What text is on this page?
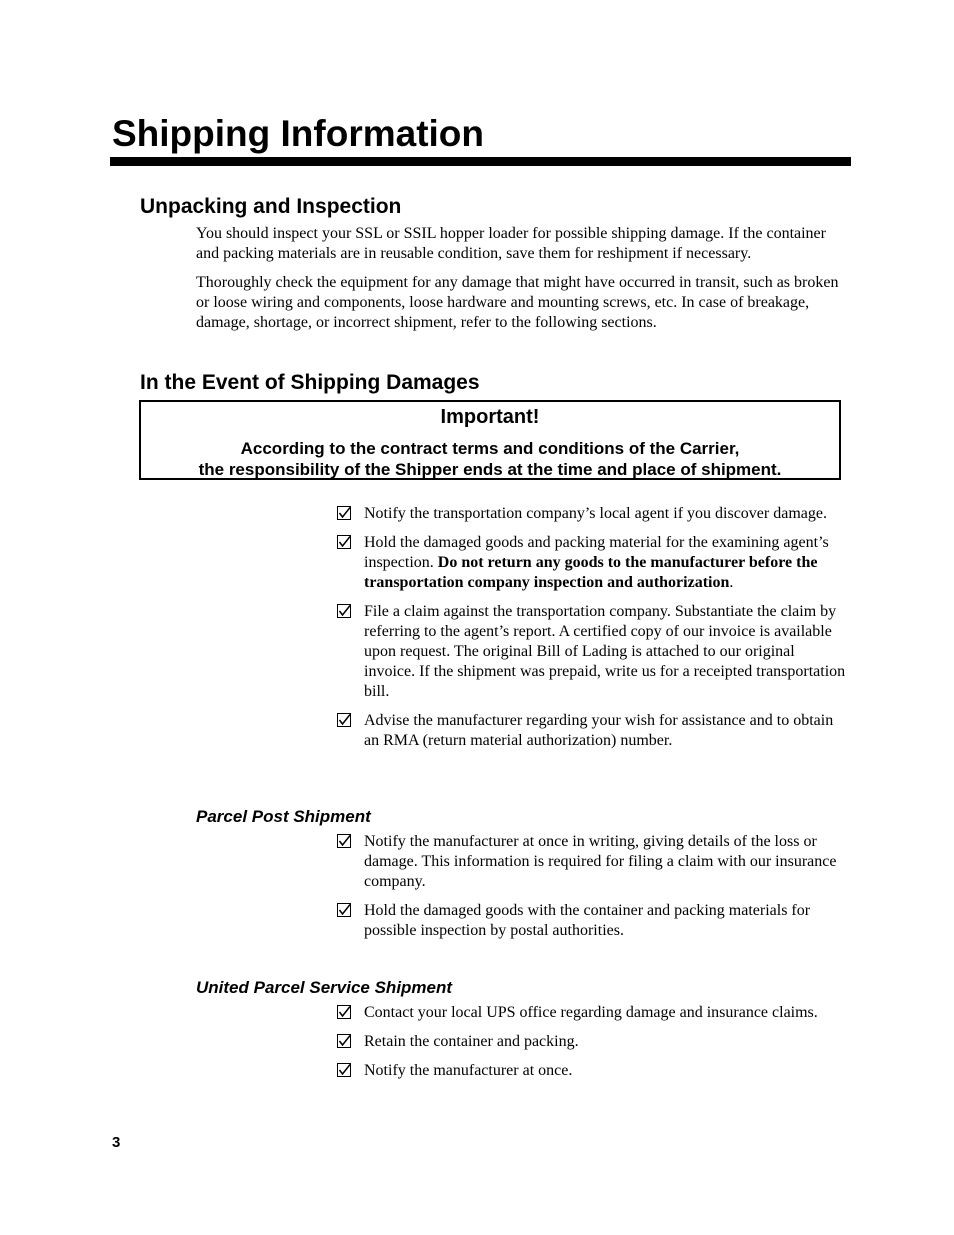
Shipping Information
Unpacking and Inspection

You should inspect your SSL or SSIL hopper loader for possible shipping damage. If the container and packing materials are in reusable condition, save them for reshipment if necessary.

Thoroughly check the equipment for any damage that might have occurred in transit, such as broken or loose wiring and components, loose hardware and mounting screws, etc. In case of breakage, damage, shortage, or incorrect shipment, refer to the following sections.

In the Event of Shipping Damages
Important!
According to the contract terms and conditions of the Carrier,
the responsibility of the Shipper ends at the time and place of shipment.
Notify the transportation company’s local agent if you discover damage.
Hold the damaged goods and packing material for the examining agent’s inspection. Do not return any goods to the manufacturer before the transportation company inspection and authorization.
File a claim against the transportation company. Substantiate the claim by referring to the agent’s report. A certified copy of our invoice is available upon request. The original Bill of Lading is attached to our original invoice. If the shipment was prepaid, write us for a receipted transportation bill.
Advise the manufacturer regarding your wish for assistance and to obtain an RMA (return material authorization) number.
Parcel Post Shipment
Notify the manufacturer at once in writing, giving details of the loss or damage. This information is required for filing a claim with our insurance company.
Hold the damaged goods with the container and packing materials for possible inspection by postal authorities.
United Parcel Service Shipment
Contact your local UPS office regarding damage and insurance claims.
Retain the container and packing.
Notify the manufacturer at once.
3
